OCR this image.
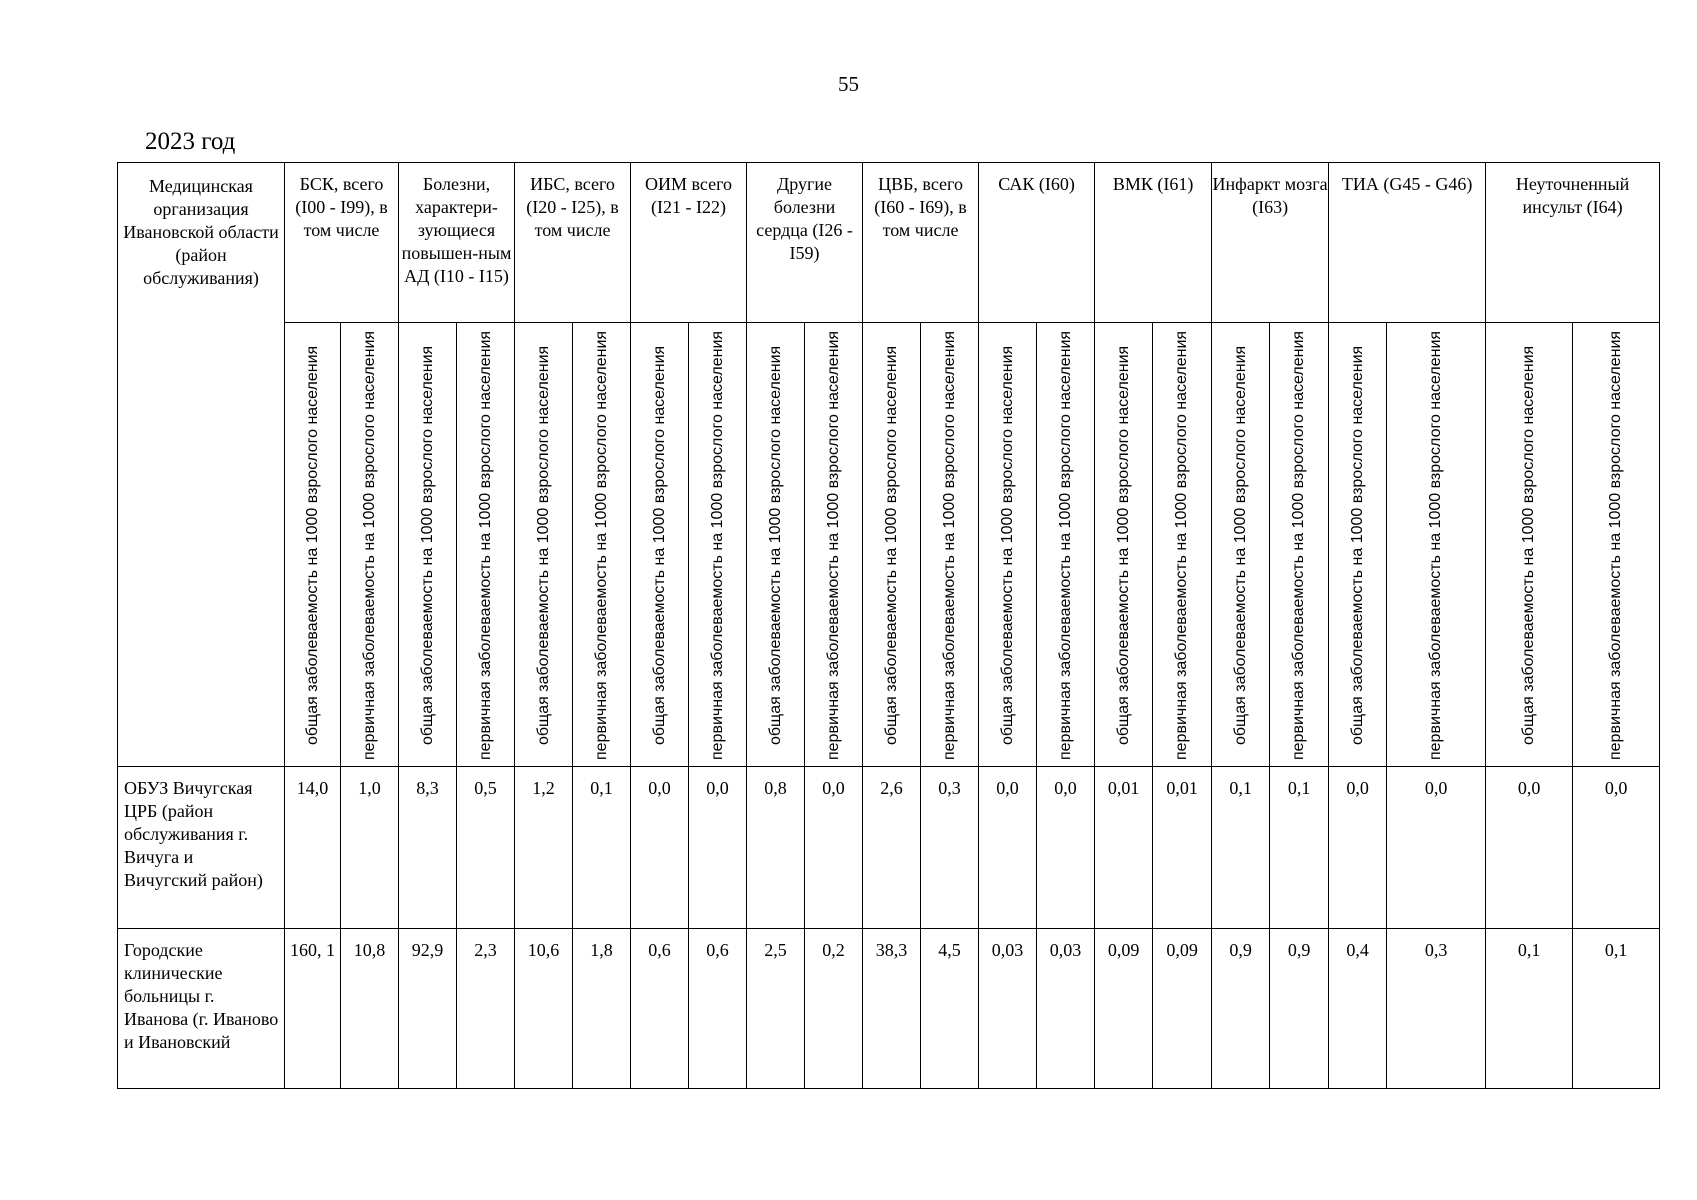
55
2023 год
Медицинская организация Ивановской области (район обслуживания)	БСК, всего (I00 - I99), в том числе		Болезни, характери-зующиеся повышен-ным АД (I10 - I15)		ИБС, всего (I20 - I25), в том числе		ОИМ всего (I21 - I22)		Другие болезни сердца (I26 - I59)		ЦВБ, всего (I60 - I69), в том числе		САК (I60)		ВМК (I61)		Инфаркт мозга (I63)		ТИА (G45 - G46)		Неуточненный инсульт (I64)	

	общая заболеваемость на 1000 взрослого населения	первичная заболеваемость на 1000 взрослого населения	общая заболеваемость на 1000 взрослого населения	первичная заболеваемость на 1000 взрослого населения	общая заболеваемость на 1000 взрослого населения	первичная заболеваемость на 1000 взрослого населения	общая заболеваемость на 1000 взрослого населения	первичная заболеваемость на 1000 взрослого населения	общая заболеваемость на 1000 взрослого населения	первичная заболеваемость на 1000 взрослого населения	общая заболеваемость на 1000 взрослого населения	первичная заболеваемость на 1000 взрослого населения	общая заболеваемость на 1000 взрослого населения	первичная заболеваемость на 1000 взрослого населения	общая заболеваемость на 1000 взрослого населения	первичная заболеваемость на 1000 взрослого населения	общая заболеваемость на 1000 взрослого населения	первичная заболеваемость на 1000 взрослого населения	общая заболеваемость на 1000 взрослого населения	первичная заболеваемость на 1000 взрослого населения	общая заболеваемость на 1000 взрослого населения	первичная заболеваемость на 1000 взрослого населения

ОБУЗ Вичугская ЦРБ (район обслуживания г. Вичуга и Вичугский район)	14,0	1,0	8,3	0,5	1,2	0,1	0,0	0,0	0,8	0,0	2,6	0,3	0,0	0,0	0,01	0,01	0,1	0,1	0,0	0,0	0,0	0,0
Городские клинические больницы г. Иванова (г. Иваново и Ивановский	160, 1	10,8	92,9	2,3	10,6	1,8	0,6	0,6	2,5	0,2	38,3	4,5	0,03	0,03	0,09	0,09	0,9	0,9	0,4	0,3	0,1	0,1
